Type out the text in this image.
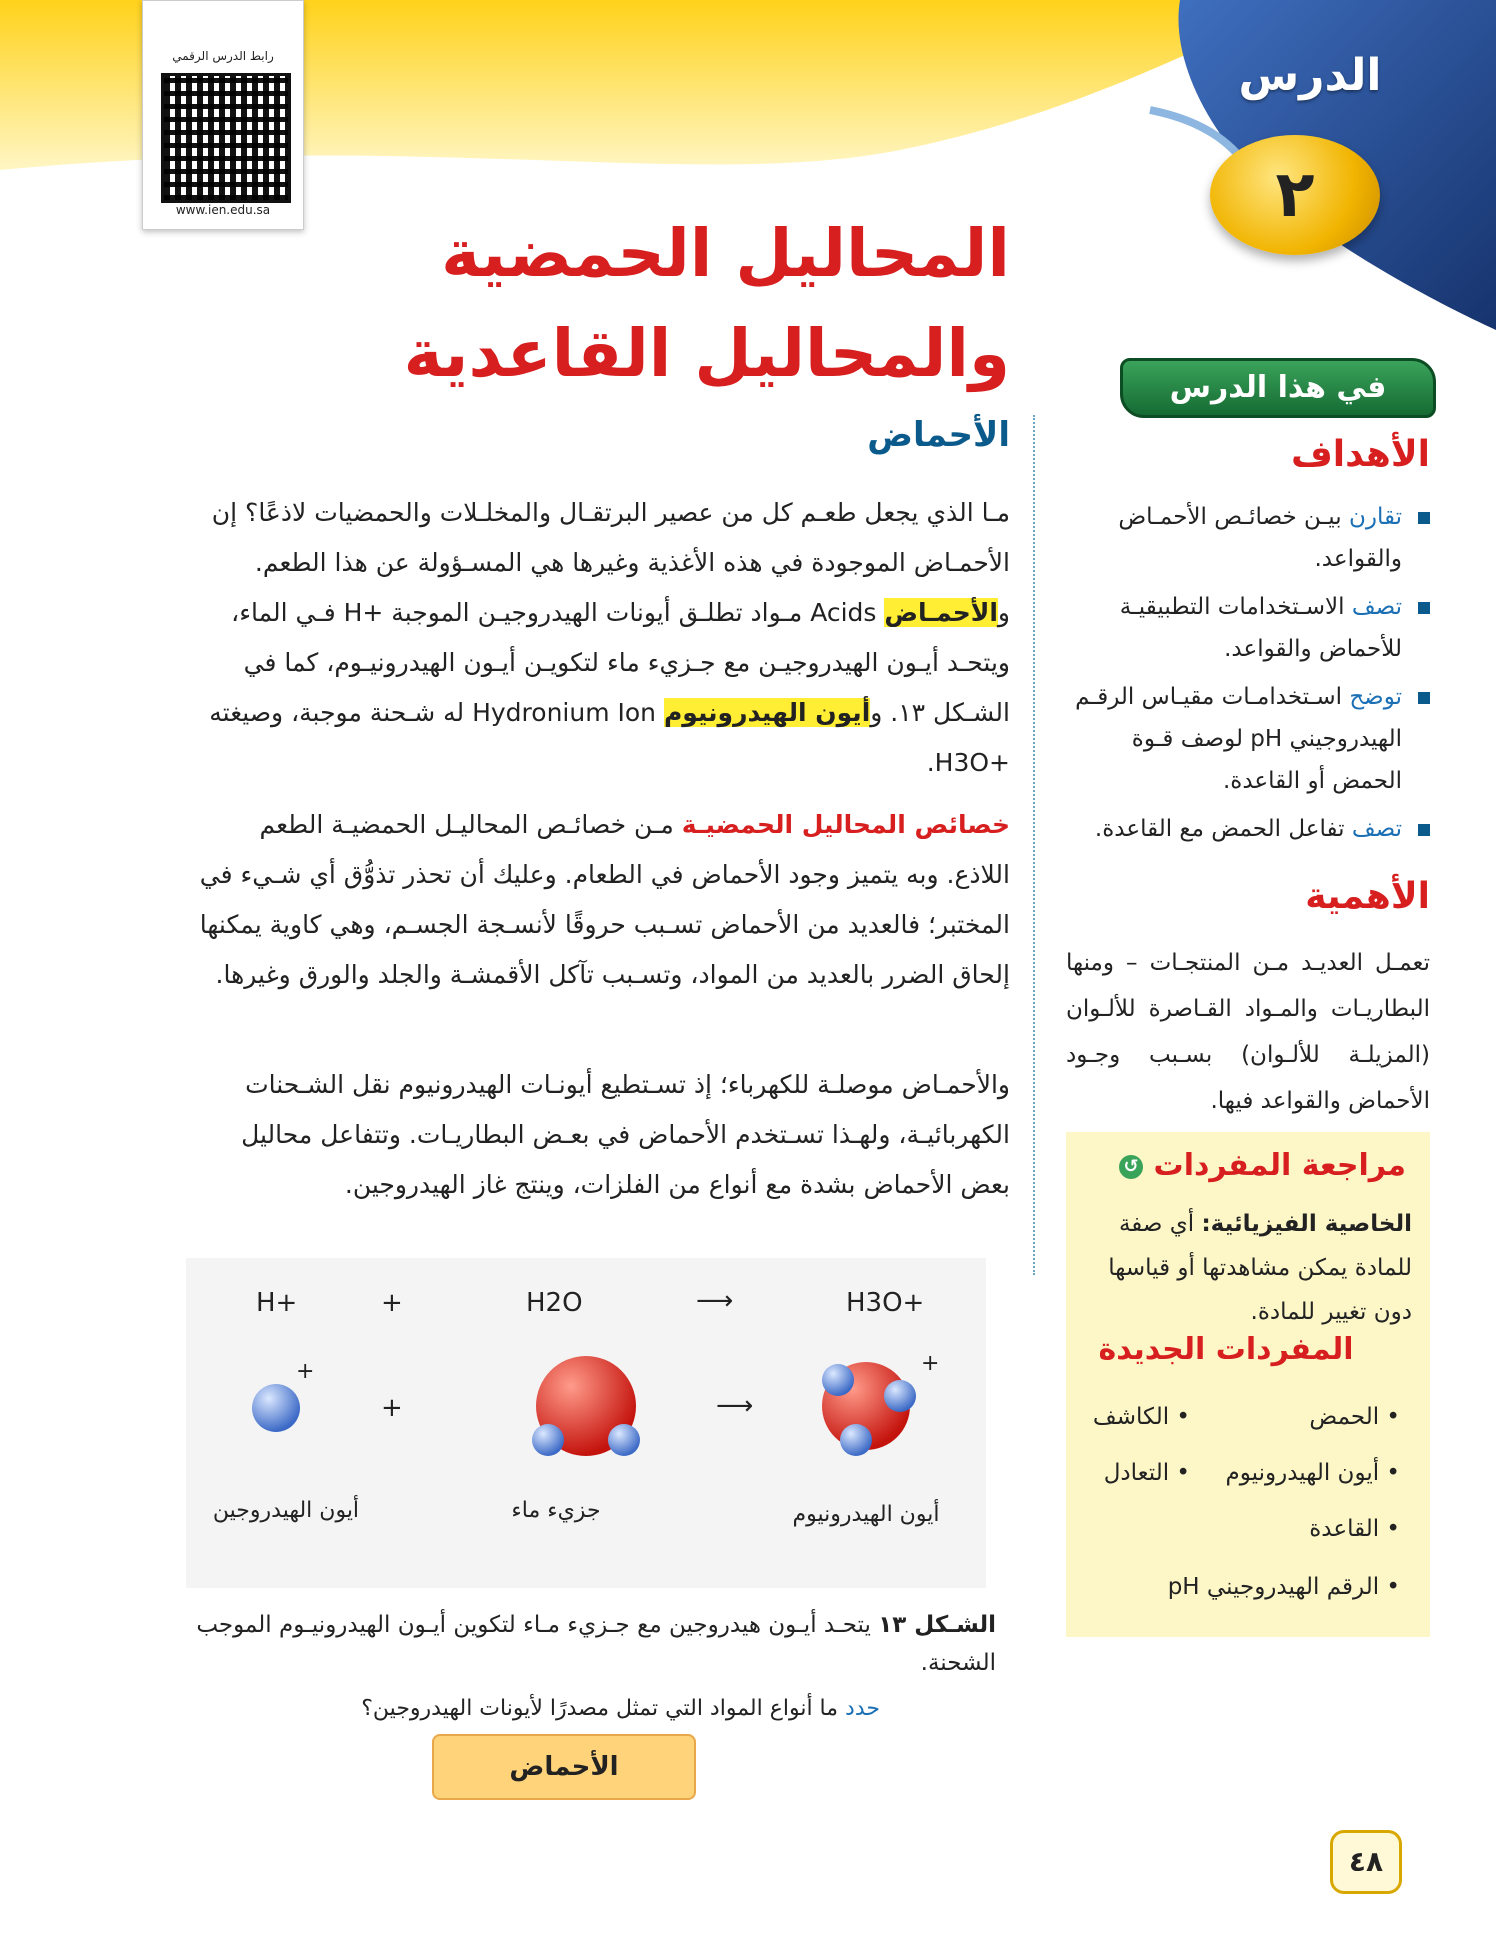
رابط الدرس الرقمي
www.ien.edu.sa
الدرس
٢
المحاليل الحمضية
والمحاليل القاعدية
الأحماض
مـا الذي يجعل طعـم كل من عصير البرتقـال والمخلـلات والحمضيات لاذعًا؟ إن الأحمـاض الموجودة في هذه الأغذية وغيرها هي المسـؤولة عن هذا الطعم. والأحمـاض Acids مـواد تطلـق أيونات الهيدروجيـن الموجبة +H فـي الماء، ويتحـد أيـون الهيدروجيـن مع جـزيء ماء لتكويـن أيـون الهيدرونيـوم، كما في الشـكل ١٣. وأيون الهيدرونيوم Hydronium Ion له شـحنة موجبة، وصيغته +H3O.
خصائص المحاليل الحمضيـة مـن خصائـص المحاليـل الحمضيـة الطعم اللاذع. وبه يتميز وجود الأحماض في الطعام. وعليك أن تحذر تذوُّق أي شـيء في المختبر؛ فالعديد من الأحماض تسـبب حروقًا لأنسـجة الجسـم، وهي كاوية يمكنها إلحاق الضرر بالعديد من المواد، وتسـبب تآكل الأقمشـة والجلد والورق وغيرها.
والأحمـاض موصلـة للكهرباء؛ إذ تسـتطيع أيونـات الهيدرونيوم نقل الشـحنات الكهربائيـة، ولهـذا تسـتخدم الأحماض في بعـض البطاريـات. وتتفاعل محاليل بعض الأحماض بشدة مع أنواع من الفلزات، وينتج غاز الهيدروجين.
H+	+	H2O	⟶	H3O+
+
+	⟶
+
أيون الهيدروجين	جزيء ماء	أيون الهيدرونيوم
الشـكل ١٣ يتحـد أيـون هيدروجين مع جـزيء مـاء لتكوين أيـون الهيدرونيـوم الموجب الشحنة.
حدد ما أنواع المواد التي تمثل مصدرًا لأيونات الهيدروجين؟
الأحماض
في هذا الدرس
الأهداف
تقارن بيـن خصائـص الأحمـاض والقواعد.
تصف الاسـتخدامات التطبيقيـة للأحماض والقواعد.
توضح اسـتخدامـات مقيـاس الرقـم الهيدروجيني pH لوصف قـوة الحمض أو القاعدة.
تصف تفاعل الحمض مع القاعدة.
الأهمية
تعمـل العديـد مـن المنتجـات – ومنها البطاريـات والمـواد القـاصرة للألـوان (المزيلـة للألـوان) بسـبب وجـود الأحماض والقواعد فيها.
مراجعة المفردات ↺
الخاصية الفيزيائية: أي صفة للمادة يمكن مشاهدتها أو قياسها دون تغيير للمادة.
المفردات الجديدة
• الحمض
• الكاشف
• أيون الهيدرونيوم
• التعادل
• القاعدة
• الرقم الهيدروجيني pH
٤٨
